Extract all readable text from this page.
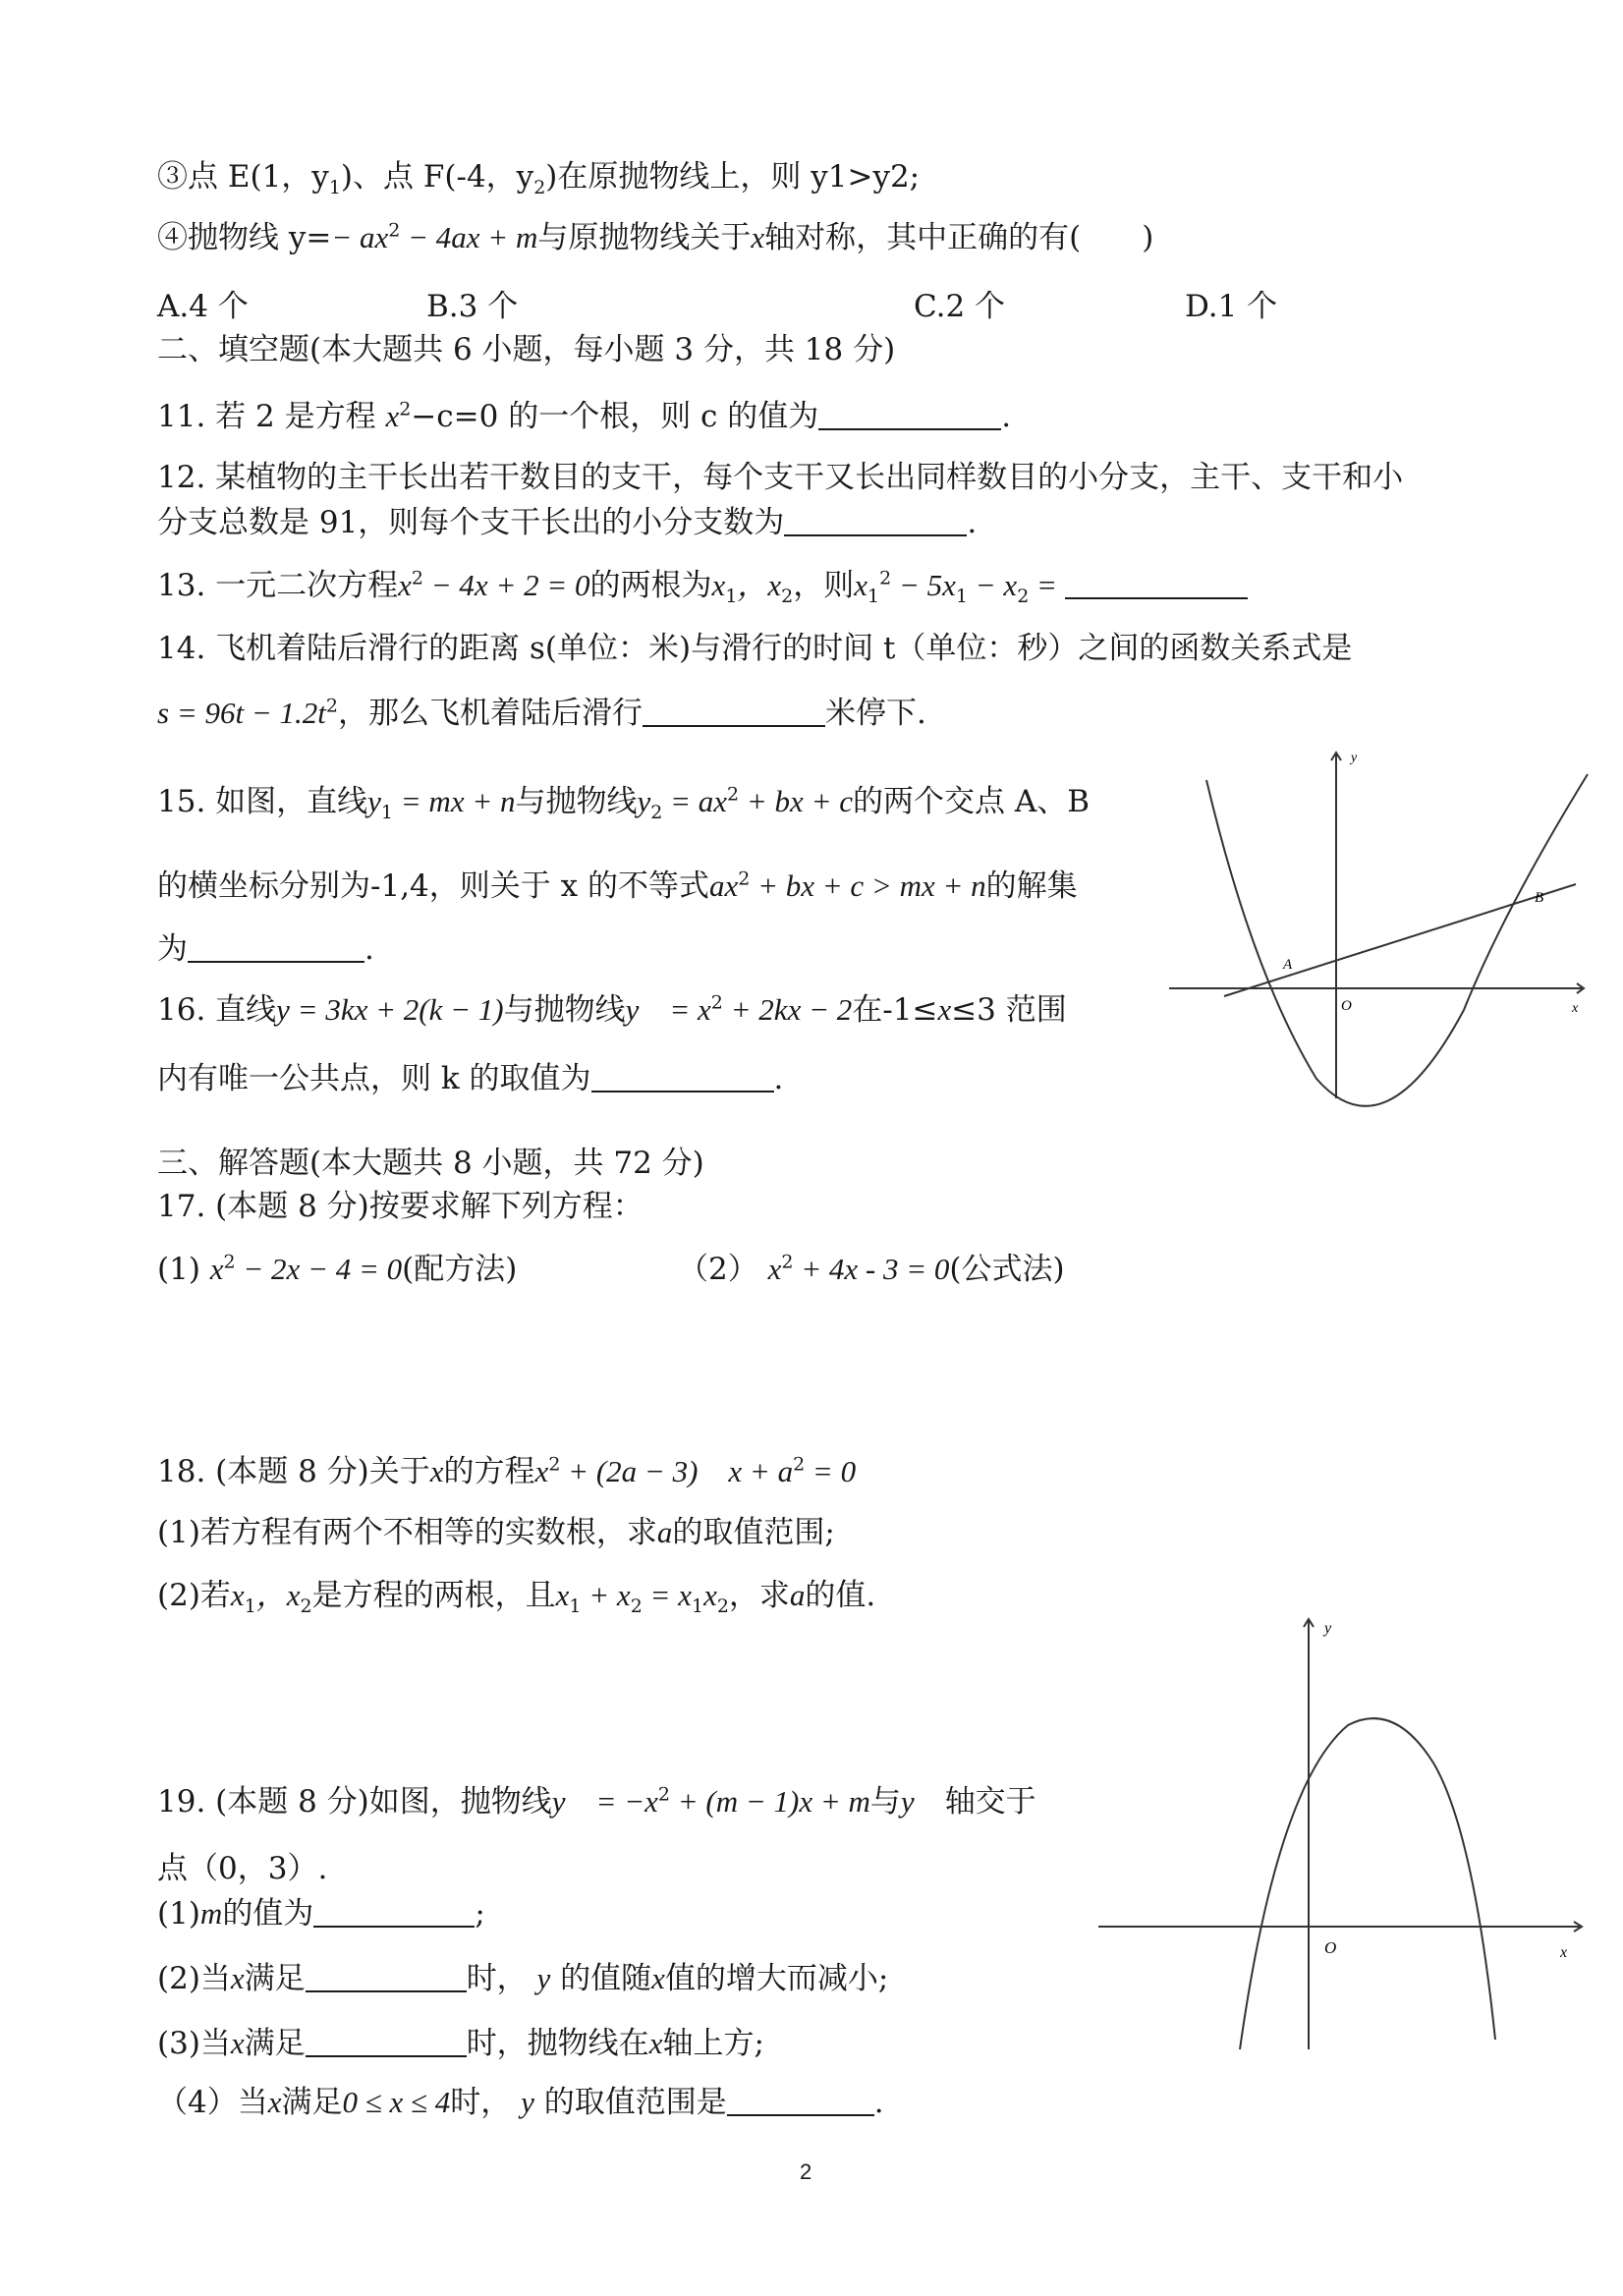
③点 E(1，$y_1$)、点 F(-4，$y_2$)在原抛物线上，则 y1>y2;
④抛物线 $y=- ax^2 - 4ax + m$与原抛物线关于x轴对称，其中正确的有(　　)
A.4 个	B.3 个	C.2 个	D.1 个
二、填空题(本大题共 6 小题，每小题 3 分，共 18 分)
11. 若 2 是方程 $x^2-c=0$ 的一个根，则 c 的值为	.
12. 某植物的主干长出若干数目的支干，每个支干又长出同样数目的小分支，主干、支干和小
分支总数是 91，则每个支干长出的小分支数为	.
13. 一元二次方程$x^2 - 4x + 2 = 0$的两根为$x_1$，$x_2$，则$x_1^2 - 5x_1 - x_2$ =
14. 飞机着陆后滑行的距离 s(单位：米)与滑行的时间 t（单位：秒）之间的函数关系式是
$s = 96t - 1.2t^2$，那么飞机着陆后滑行	米停下.
15. 如图，直线$y_1$ = mx + n与抛物线$y_2 = ax^2$ + bx + c的两个交点 A、B
的横坐标分别为-1,4，则关于 x 的不等式$ax^2$ + bx + c > mx + n的解集
为	.
16. 直线y = 3kx + 2(k − 1)与抛物线y　= $x^2 + 2kx - 2$在-1≤x≤3 范围
内有唯一公共点，则 k 的取值为	.
三、解答题(本大题共 8 小题，共 72 分)
17. (本题 8 分)按要求解下列方程：
(1) $x^2 - 2x - 4 = 0$(配方法)	（2） $x^2 + 4x - 3 = 0$(公式法)
18. (本题 8 分)关于x的方程$x^2 + (2a - 3)$　$x + a^2 = 0$
(1)若方程有两个不相等的实数根，求a的取值范围;
(2)若$x_1$，$x_2$是方程的两根，且$x_1 + x_2 = x_1x_2$，求a的值.
19. (本题 8 分)如图，抛物线y　= $-x^2 + (m - 1)x + m$与y　 轴交于
点（0，3）.
(1)m的值为	;
(2)当x满足	时， y 的值随x值的增大而减小;
(3)当x满足	时，抛物线在x轴上方;
（4）当x满足0 ≤ x ≤ 4时， y 的取值范围是	.
y
x
O
A
B
y
x
O
2
